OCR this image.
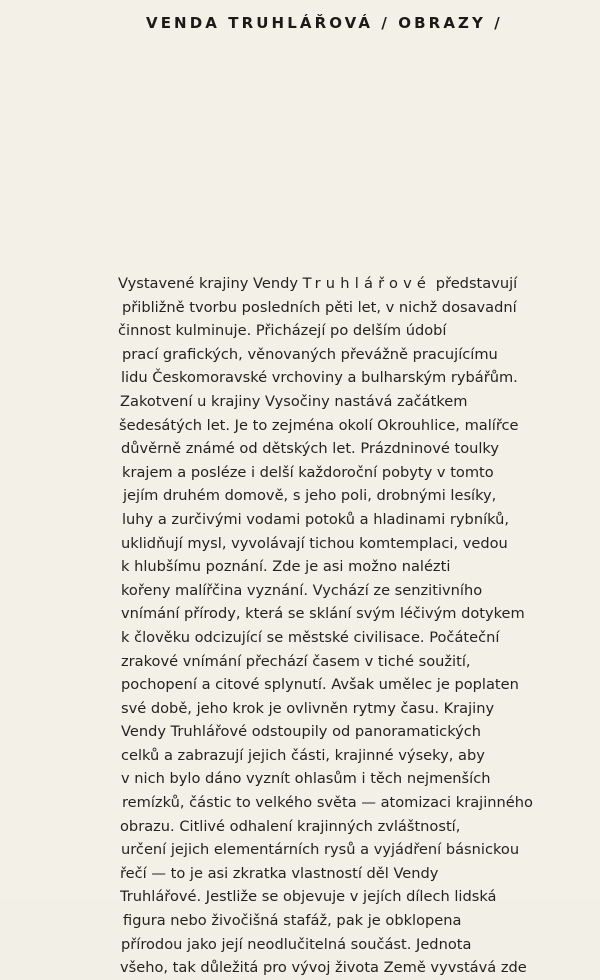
VENDA TRUHLÁŘOVÁ / OBRAZY /
Vystavené krajiny Vendy Truhlářové představují
přibližně tvorbu posledních pěti let, v nichž dosavadní
činnost kulminuje. Přicházejí po delším údobí
prací grafických, věnovaných převážně pracujícímu
lidu Českomoravské vrchoviny a bulharským rybářům.
Zakotvení u krajiny Vysočiny nastává začátkem
šedesátých let. Je to zejména okolí Okrouhlice, malířce
důvěrně známé od dětských let. Prázdninové toulky
krajem a posléze i delší každoroční pobyty v tomto
jejím druhém domově, s jeho poli, drobnými lesíky,
luhy a zurčivými vodami potoků a hladinami rybníků,
uklidňují mysl, vyvolávají tichou komtemplaci, vedou
k hlubšímu poznání. Zde je asi možno nalézti
kořeny malířčina vyznání. Vychází ze senzitivního
vnímání přírody, která se sklání svým léčivým dotykem
k člověku odcizující se městské civilisace. Počáteční
zrakové vnímání přechází časem v tiché soužití,
pochopení a citové splynutí. Avšak umělec je poplaten
své době, jeho krok je ovlivněn rytmy času. Krajiny
Vendy Truhlářové odstoupily od panoramatických
celků a zabrazují jejich části, krajinné výseky, aby
v nich bylo dáno vyznít ohlasům i těch nejmenších
remízků, částic to velkého světa — atomizaci krajinného
obrazu. Citlivé odhalení krajinných zvláštností,
určení jejich elementárních rysů a vyjádření básnickou
řečí — to je asi zkratka vlastností děl Vendy
Truhlářové. Jestliže se objevuje v jejích dílech lidská
figura nebo živočišná stafáž, pak je obklopena
přírodou jako její neodlučitelná součást. Jednota
všeho, tak důležitá pro vývoj života Země vyvstává zde
